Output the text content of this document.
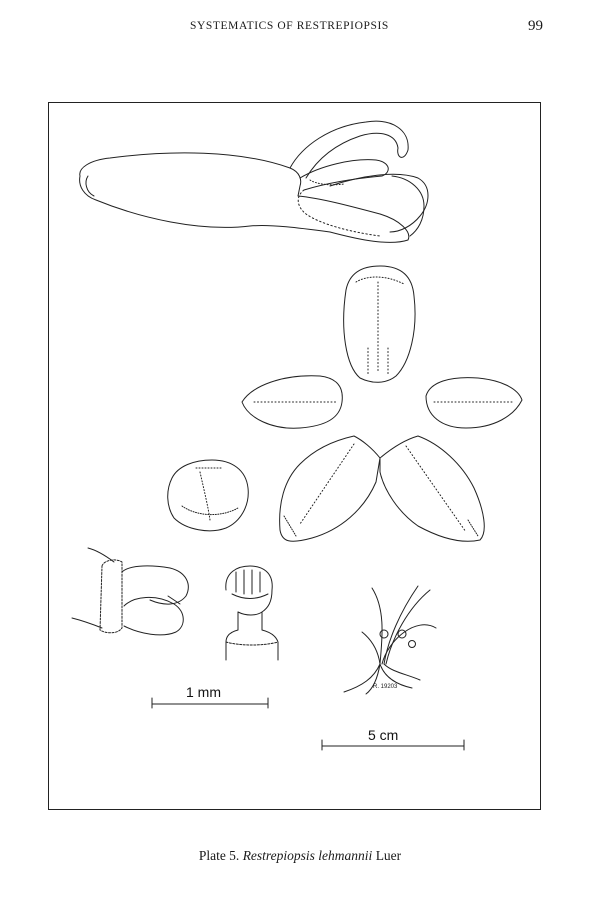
SYSTEMATICS OF RESTREPIOPSIS	99
R. 19203
1 mm
5 cm
Plate 5. Restrepiopsis lehmannii Luer
